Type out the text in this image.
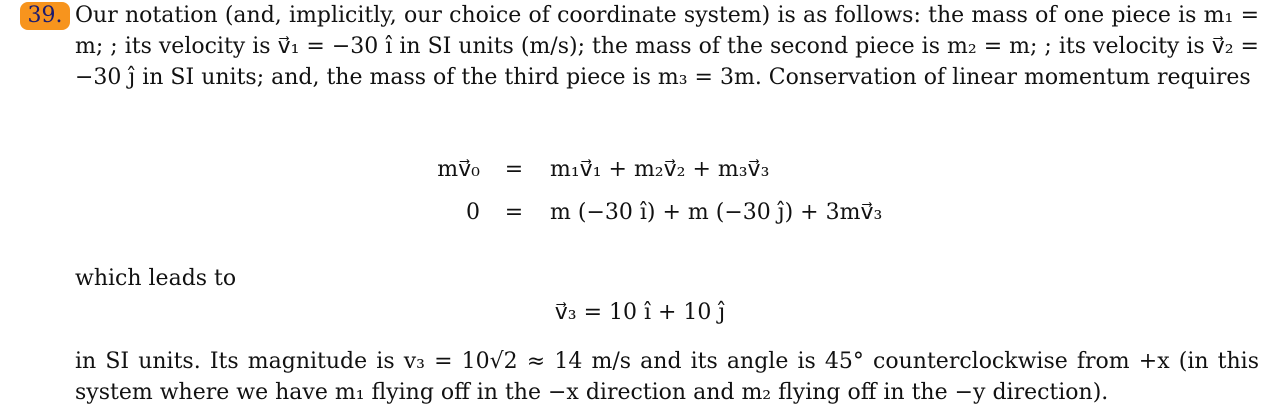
39. Our notation (and, implicitly, our choice of coordinate system) is as follows: the mass of one piece is m₁ = m; ; its velocity is v⃗₁ = −30 î in SI units (m/s); the mass of the second piece is m₂ = m; ; its velocity is v⃗₂ = −30 ĵ in SI units; and, the mass of the third piece is m₃ = 3m. Conservation of linear momentum requires

mv⃗₀	=	m₁v⃗₁ + m₂v⃗₂ + m₃v⃗₃
0	=	m (−30 î) + m (−30 ĵ) + 3mv⃗₃

which leads to

v⃗₃ = 10 î + 10 ĵ

in SI units. Its magnitude is v₃ = 10√2 ≈ 14 m/s and its angle is 45° counterclockwise from +x (in this system where we have m₁ flying off in the −x direction and m₂ flying off in the −y direction).
